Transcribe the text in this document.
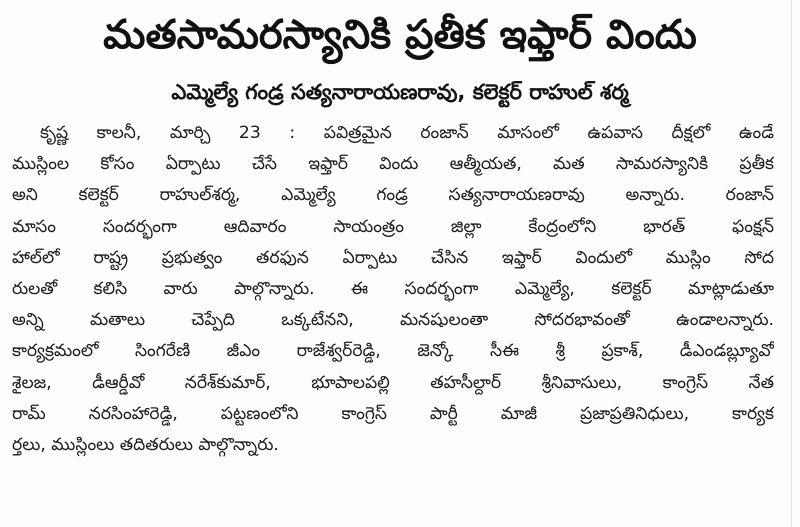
మతసామరస్యానికి ప్రతీక ఇఫ్తార్ విందు
ఎమ్మెల్యే గండ్ర సత్యనారాయణరావు, కలెక్టర్ రాహుల్ శర్మ
కృష్ణ కాలనీ, మార్చి 23 : పవిత్రమైన రంజాన్ మాసంలో ఉపవాస దీక్షలో ఉండే
ముస్లింల కోసం ఏర్పాటు చేసే ఇఫ్తార్ విందు ఆత్మీయత, మత సామరస్యానికి ప్రతీక
అని కలెక్టర్ రాహుల్‌శర్మ, ఎమ్మెల్యే గండ్ర సత్యనారాయణరావు అన్నారు. రంజాన్
మాసం సందర్భంగా ఆదివారం సాయంత్రం జిల్లా కేంద్రంలోని భారత్ ఫంక్షన్
హాల్‌లో రాష్ట్ర ప్రభుత్వం తరఫున ఏర్పాటు చేసిన ఇఫ్తార్ విందులో ముస్లిం సోద
రులతో కలిసి వారు పాల్గొన్నారు. ఈ సందర్భంగా ఎమ్మెల్యే, కలెక్టర్ మాట్లాడుతూ
అన్ని మతాలు చెప్పేది ఒక్కటేనని, మనషులంతా సోదరభావంతో ఉండాలన్నారు.
కార్యక్రమంలో సింగరేణి జీఎం రాజేశ్వర్‌రెడ్డి, జెన్కో సీఈ శ్రీ ప్రకాశ్, డీఎండబ్ల్యూవో
శైలజ, డీఆర్డీవో నరేశ్‌కుమార్, భూపాలపల్లి తహసీల్దార్ శ్రీనివాసులు, కాంగ్రెస్ నేత
రామ్ నరసింహారెడ్డి, పట్టణంలోని కాంగ్రెస్ పార్టీ మాజీ ప్రజాప్రతినిధులు, కార్యక
ర్తలు, ముస్లింలు తదితరులు పాల్గొన్నారు.
